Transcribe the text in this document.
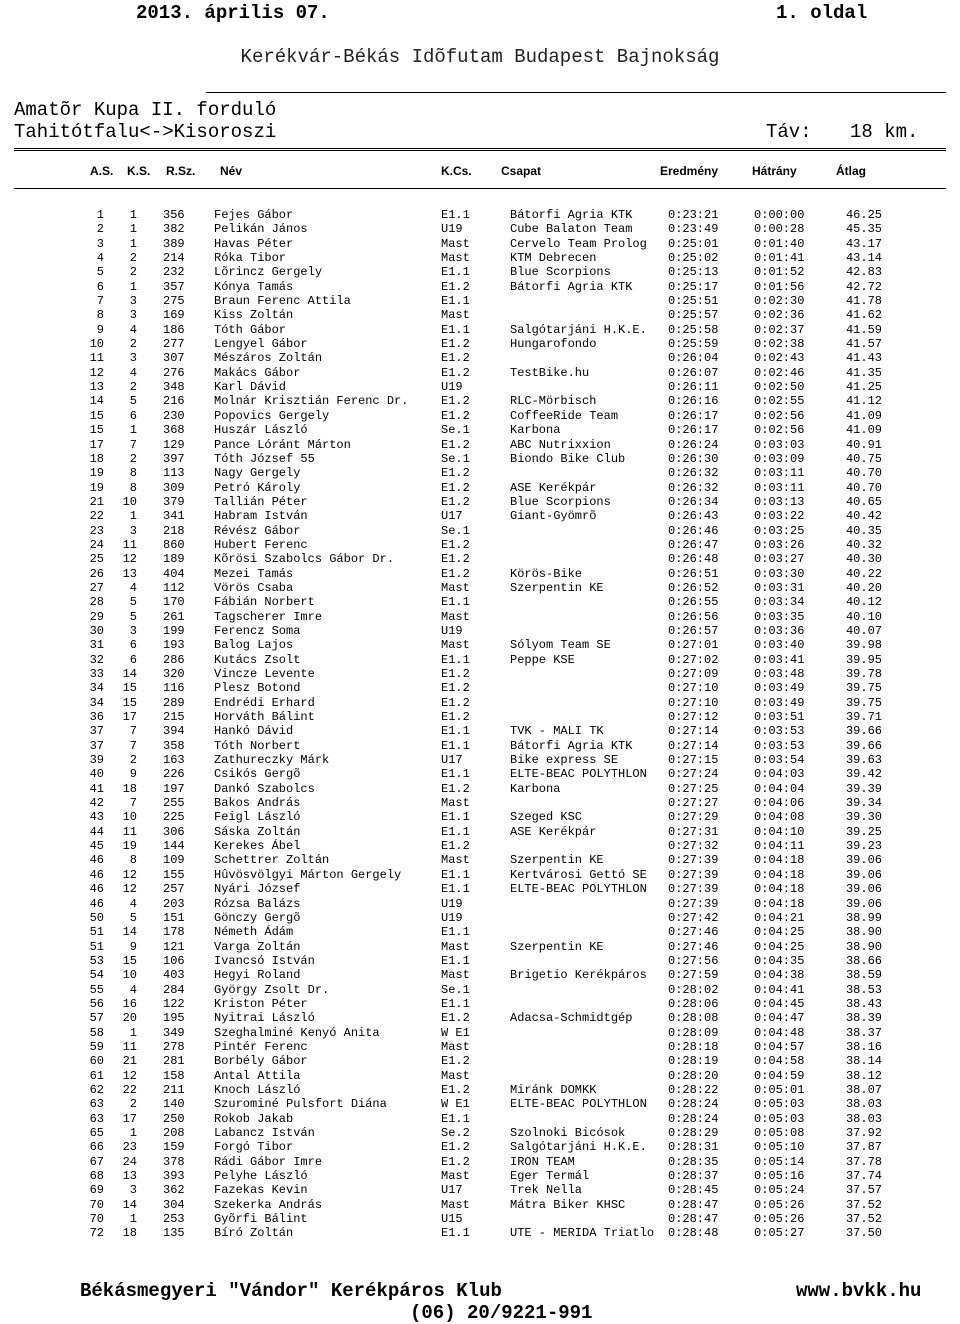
2013. április 07.	1. oldal
Kerékvár-Békás Idõfutam Budapest Bajnokság
Amatõr Kupa II. forduló
Tahitótfalu<->Kisoroszi	Táv: 18 km.
A.S. K.S. R.Sz. Név	K.Cs. Csapat	Eredmény	Hátrány	Átlag
1	1 356 Fejes Gábor	E1.1	Bátorfi Agria KTK	0:23:21	0:00:00	46.25
2	1 382 Pelikán János	U19	Cube Balaton Team	0:23:49	0:00:28	45.35
3	1 389 Havas Péter	Mast	Cervelo Team Prolog 0:25:01	0:01:40	43.17
4	2 214 Róka Tibor	Mast	KTM Debrecen	0:25:02	0:01:41	43.14
5	2 232 Lõrincz Gergely	E1.1	Blue Scorpions	0:25:13	0:01:52	42.83
6	1 357 Kónya Tamás	E1.2	Bátorfi Agria KTK	0:25:17	0:01:56	42.72
7	3 275 Braun Ferenc Attila	E1.1	0:25:51	0:02:30	41.78
8	3 169 Kiss Zoltán	Mast	0:25:57	0:02:36	41.62
9	4 186 Tóth Gábor	E1.1	Salgótarjáni H.K.E. 0:25:58	0:02:37	41.59
10	2 277 Lengyel Gábor	E1.2	Hungarofondo	0:25:59	0:02:38	41.57
11	3 307 Mészáros Zoltán	E1.2	0:26:04	0:02:43	41.43
12	4 276 Makács Gábor	E1.2	TestBike.hu	0:26:07	0:02:46	41.35
13	2 348 Karl Dávid	U19	0:26:11	0:02:50	41.25
14	5 216 Molnár Krisztián Ferenc Dr.	E1.2	RLC-Mörbisch	0:26:16	0:02:55	41.12
15	6 230 Popovics Gergely	E1.2	CoffeeRide Team	0:26:17	0:02:56	41.09
15	1 368 Huszár László	Se.1	Karbona	0:26:17	0:02:56	41.09
17	7 129 Pance Lóránt Márton	E1.2	ABC Nutrixxion	0:26:24	0:03:03	40.91
18	2 397 Tóth József 55	Se.1	Biondo Bike Club	0:26:30	0:03:09	40.75
19	8 113 Nagy Gergely	E1.2	0:26:32	0:03:11	40.70
19	8 309 Petró Károly	E1.2	ASE Kerékpár	0:26:32	0:03:11	40.70
21	10 379 Tallián Péter	E1.2	Blue Scorpions	0:26:34	0:03:13	40.65
22	1 341 Habram István	U17	Giant-Gyömrõ	0:26:43	0:03:22	40.42
23	3 218 Révész Gábor	Se.1	0:26:46	0:03:25	40.35
24	11 860 Hubert Ferenc	E1.2	0:26:47	0:03:26	40.32
25	12 189 Kõrösi Szabolcs Gábor Dr.	E1.2	0:26:48	0:03:27	40.30
26	13 404 Mezei Tamás	E1.2	Körös-Bike	0:26:51	0:03:30	40.22
27	4 112 Vörös Csaba	Mast	Szerpentin KE	0:26:52	0:03:31	40.20
28	5 170 Fábián Norbert	E1.1	0:26:55	0:03:34	40.12
29	5 261 Tagscherer Imre	Mast	0:26:56	0:03:35	40.10
30	3 199 Ferencz Soma	U19	0:26:57	0:03:36	40.07
31	6 193 Balog Lajos	Mast	Sólyom Team SE	0:27:01	0:03:40	39.98
32	6 286 Kutács Zsolt	E1.1	Peppe KSE	0:27:02	0:03:41	39.95
33	14 320 Vincze Levente	E1.2	0:27:09	0:03:48	39.78
34	15 116 Plesz Botond	E1.2	0:27:10	0:03:49	39.75
34	15 289 Endrédi Erhard	E1.2	0:27:10	0:03:49	39.75
36	17 215 Horváth Bálint	E1.2	0:27:12	0:03:51	39.71
37	7 394 Hankó Dávid	E1.1	TVK - MALI TK	0:27:14	0:03:53	39.66
37	7 358 Tóth Norbert	E1.1	Bátorfi Agria KTK	0:27:14	0:03:53	39.66
39	2 163 Zathureczky Márk	U17	Bike express SE	0:27:15	0:03:54	39.63
40	9 226 Csikós Gergõ	E1.1	ELTE-BEAC POLYTHLON 0:27:24	0:04:03	39.42
41	18 197 Dankó Szabolcs	E1.2	Karbona	0:27:25	0:04:04	39.39
42	7 255 Bakos András	Mast	0:27:27	0:04:06	39.34
43	10 225 Feigl László	E1.1	Szeged KSC	0:27:29	0:04:08	39.30
44	11 306 Sáska Zoltán	E1.1	ASE Kerékpár	0:27:31	0:04:10	39.25
45	19 144 Kerekes Ábel	E1.2	0:27:32	0:04:11	39.23
46	8 109 Schettrer Zoltán	Mast	Szerpentin KE	0:27:39	0:04:18	39.06
46	12 155 Hûvösvölgyi Márton Gergely	E1.1	Kertvárosi Gettó SE 0:27:39	0:04:18	39.06
46	12 257 Nyári József	E1.1	ELTE-BEAC POLYTHLON 0:27:39	0:04:18	39.06
46	4 203 Rózsa Balázs	U19	0:27:39	0:04:18	39.06
50	5 151 Gönczy Gergõ	U19	0:27:42	0:04:21	38.99
51	14 178 Németh Ádám	E1.1	0:27:46	0:04:25	38.90
51	9 121 Varga Zoltán	Mast	Szerpentin KE	0:27:46	0:04:25	38.90
53	15 106 Ivancsó István	E1.1	0:27:56	0:04:35	38.66
54	10 403 Hegyi Roland	Mast	Brigetio Kerékpáros 0:27:59	0:04:38	38.59
55	4 284 György Zsolt Dr.	Se.1	0:28:02	0:04:41	38.53
56	16 122 Kriston Péter	E1.1	0:28:06	0:04:45	38.43
57	20 195 Nyitrai László	E1.2	Adacsa-Schmidtgép	0:28:08	0:04:47	38.39
58	1 349 Szeghalminé Kenyó Anita	W E1	0:28:09	0:04:48	38.37
59	11 278 Pintér Ferenc	Mast	0:28:18	0:04:57	38.16
60	21 281 Borbély Gábor	E1.2	0:28:19	0:04:58	38.14
61	12 158 Antal Attila	Mast	0:28:20	0:04:59	38.12
62	22 211 Knoch László	E1.2	Miránk DOMKK	0:28:22	0:05:01	38.07
63	2 140 Szurominé Pulsfort Diána	W E1	ELTE-BEAC POLYTHLON 0:28:24	0:05:03	38.03
63	17 250 Rokob Jakab	E1.1	0:28:24	0:05:03	38.03
65	1 208 Labancz István	Se.2	Szolnoki Bicósok	0:28:29	0:05:08	37.92
66	23 159 Forgó Tibor	E1.2	Salgótarjáni H.K.E. 0:28:31	0:05:10	37.87
67	24 378 Rádi Gábor Imre	E1.2	IRON TEAM	0:28:35	0:05:14	37.78
68	13 393 Pelyhe László	Mast	Eger Termál	0:28:37	0:05:16	37.74
69	3 362 Fazekas Kevin	U17	Trek Nella	0:28:45	0:05:24	37.57
70	14 304 Szekerka András	Mast	Mátra Biker KHSC	0:28:47	0:05:26	37.52
70	1 253 Gyõrfi Bálint	U15	0:28:47	0:05:26	37.52
72	18 135 Bíró Zoltán	E1.1	UTE - MERIDA Triatlo 0:28:48	0:05:27	37.50
Békásmegyeri "Vándor" Kerékpáros Klub	www.bvkk.hu
(06) 20/9221-991
